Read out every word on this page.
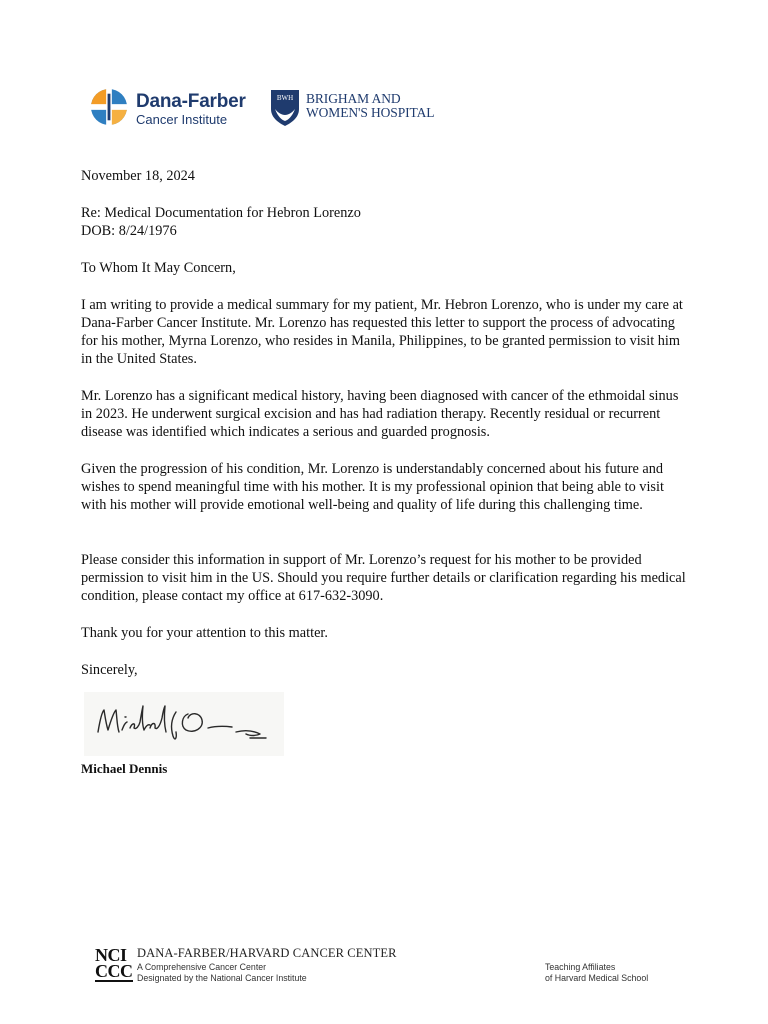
Dana-Farber
Cancer Institute
BWH BRIGHAM AND
WOMEN'S HOSPITAL

November 18, 2024

Re: Medical Documentation for Hebron Lorenzo

DOB: 8/24/1976

To Whom It May Concern,

I am writing to provide a medical summary for my patient, Mr. Hebron Lorenzo, who is under my care at Dana-Farber Cancer Institute. Mr. Lorenzo has requested this letter to support the process of advocating for his mother, Myrna Lorenzo, who resides in Manila, Philippines, to be granted permission to visit him in the United States.

Mr. Lorenzo has a significant medical history, having been diagnosed with cancer of the ethmoidal sinus in 2023. He underwent surgical excision and has had radiation therapy. Recently residual or recurrent disease was identified which indicates a serious and guarded prognosis.

Given the progression of his condition, Mr. Lorenzo is understandably concerned about his future and wishes to spend meaningful time with his mother. It is my professional opinion that being able to visit with his mother will provide emotional well-being and quality of life during this challenging time.

Please consider this information in support of Mr. Lorenzo’s request for his mother to be provided permission to visit him in the US. Should you require further details or clarification regarding his medical condition, please contact my office at 617-632-3090.

Thank you for your attention to this matter.

Sincerely,

Michael Dennis

NCI
CCC
DANA-FARBER/HARVARD CANCER CENTER
A Comprehensive Cancer Center
Designated by the National Cancer Institute
Teaching Affiliates
of Harvard Medical School
